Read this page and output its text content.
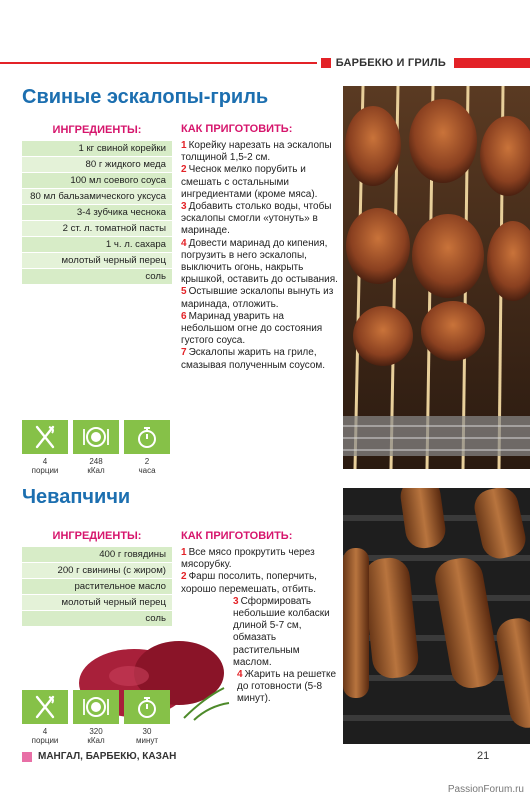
БАРБЕКЮ И ГРИЛЬ
Свиные эскалопы-гриль
ИНГРЕДИЕНТЫ:
1 кг свиной корейки
80 г жидкого меда
100 мл соевого соуса
80 мл бальзамического уксуса
3-4 зубчика чеснока
2 ст. л. томатной пасты
1 ч. л. сахара
молотый черный перец
соль
4
порции
248
кКал
2
часа
КАК ПРИГОТОВИТЬ:
1 Корейку нарезать на эскалопы толщиной 1,5-2 см.
2 Чеснок мелко порубить и смешать с остальными ингредиентами (кроме мяса).
3 Добавить столько воды, чтобы эскалопы смогли «утонуть» в маринаде.
4 Довести маринад до кипения, погрузить в него эскалопы, выключить огонь, накрыть крышкой, оставить до остывания.
5 Остывшие эскалопы вынуть из маринада, отложить.
6 Маринад уварить на небольшом огне до состояния густого соуса.
7 Эскалопы жарить на гриле, смазывая полученным соусом.
Чевапчичи
ИНГРЕДИЕНТЫ:
400 г говядины
200 г свинины (с жиром)
растительное масло
молотый черный перец
соль
4
порции
320
кКал
30
минут
КАК ПРИГОТОВИТЬ:
1 Все мясо прокрутить через мясорубку.
2 Фарш посолить, поперчить, хорошо перемешать, отбить.
3 Сформировать небольшие колбаски длиной 5-7 см, обмазать растительным маслом.
4 Жарить на решетке до готовности (5-8 минут).
МАНГАЛ, БАРБЕКЮ, КАЗАН	21
PassionForum.ru
